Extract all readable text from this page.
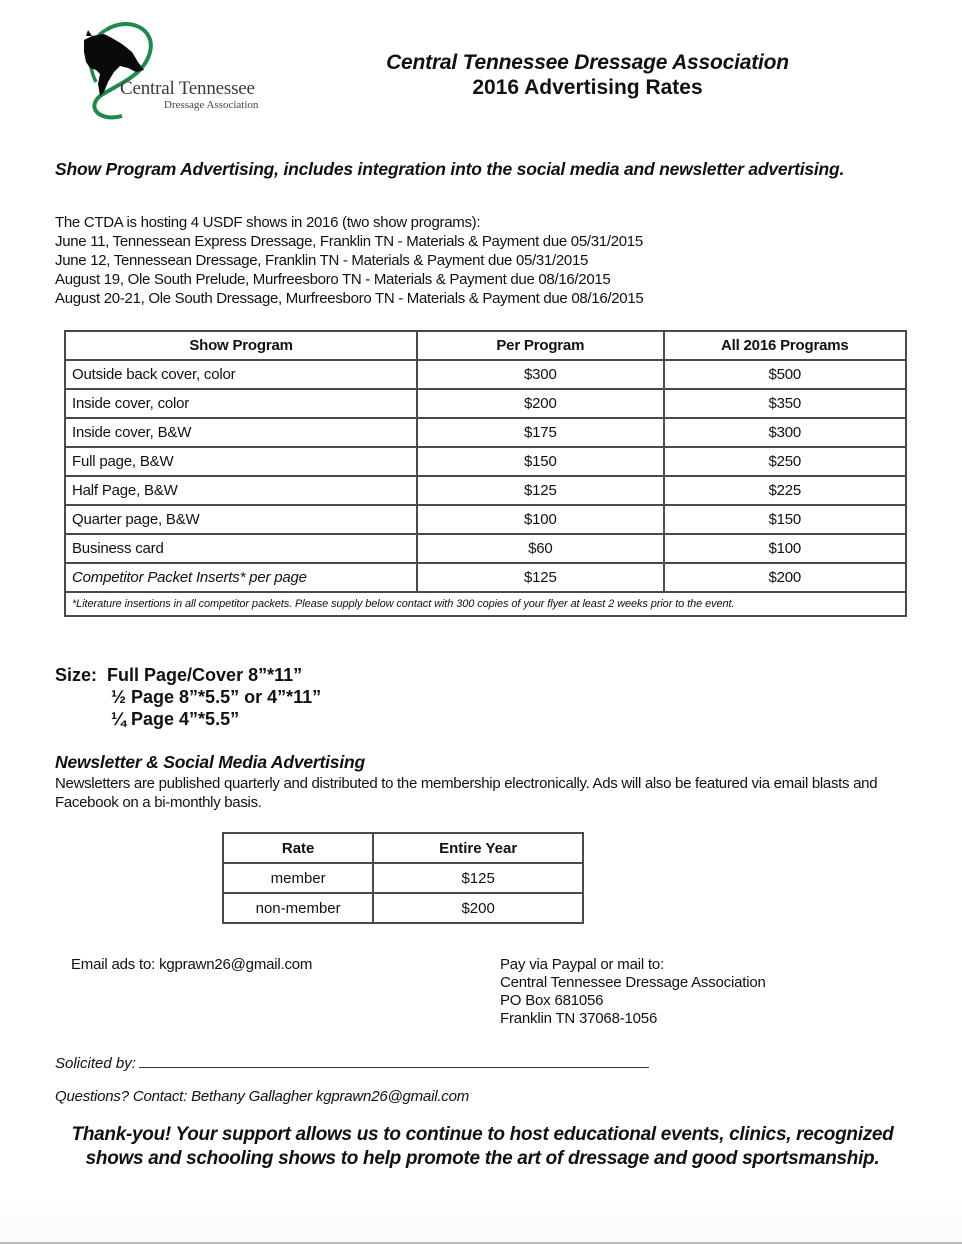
Central Tennessee
Dressage Association
Central Tennessee Dressage Association
2016 Advertising Rates
Show Program Advertising, includes integration into the social media and newsletter advertising.
The CTDA is hosting 4 USDF shows in 2016 (two show programs):
June 11, Tennessean Express Dressage, Franklin TN - Materials & Payment due 05/31/2015
June 12, Tennessean Dressage, Franklin TN - Materials & Payment due 05/31/2015
August 19, Ole South Prelude, Murfreesboro TN - Materials & Payment due 08/16/2015
August 20-21, Ole South Dressage, Murfreesboro TN - Materials & Payment due 08/16/2015
Show Program	Per Program	All 2016 Programs
Outside back cover, color	$300	$500
Inside cover, color	$200	$350
Inside cover, B&W	$175	$300
Full page, B&W	$150	$250
Half Page, B&W	$125	$225
Quarter page, B&W	$100	$150
Business card	$60	$100
Competitor Packet Inserts* per page	$125	$200
*Literature insertions in all competitor packets. Please supply below contact with 300 copies of your flyer at least 2 weeks prior to the event.		
Size: Full Page/Cover 8”*11”
½ Page 8”*5.5” or 4”*11”
¼ Page 4”*5.5”
Newsletter & Social Media Advertising
Newsletters are published quarterly and distributed to the membership electronically. Ads will also be featured via email blasts and Facebook on a bi-monthly basis.
Rate	Entire Year
member	$125
non-member	$200
Email ads to: kgprawn26@gmail.com	Pay via Paypal or mail to:
Central Tennessee Dressage Association
PO Box 681056
Franklin TN 37068-1056
Solicited by:
Questions? Contact: Bethany Gallagher kgprawn26@gmail.com
Thank-you! Your support allows us to continue to host educational events, clinics, recognized shows and schooling shows to help promote the art of dressage and good sportsmanship.
